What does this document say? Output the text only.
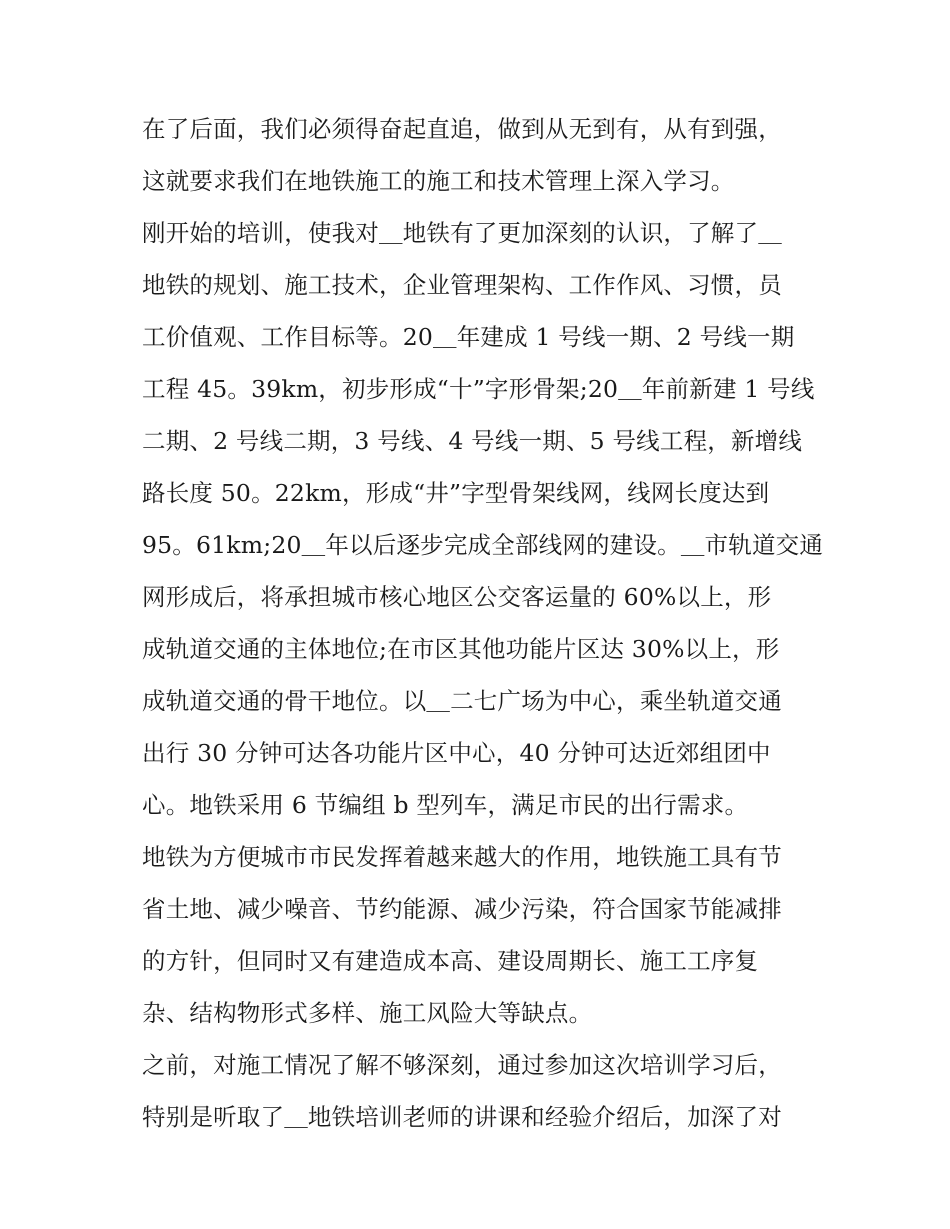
在了后面，我们必须得奋起直追，做到从无到有，从有到强，
这就要求我们在地铁施工的施工和技术管理上深入学习。
刚开始的培训，使我对＿地铁有了更加深刻的认识，了解了＿
地铁的规划、施工技术，企业管理架构、工作作风、习惯，员
工价值观、工作目标等。20＿年建成 1 号线一期、2 号线一期
工程 45。39km，初步形成“十”字形骨架;20＿年前新建 1 号线
二期、2 号线二期，3 号线、4 号线一期、5 号线工程，新增线
路长度 50。22km，形成“井”字型骨架线网，线网长度达到
95。61km;20＿年以后逐步完成全部线网的建设。＿市轨道交通
网形成后，将承担城市核心地区公交客运量的 60%以上，形
成轨道交通的主体地位;在市区其他功能片区达 30%以上，形
成轨道交通的骨干地位。以＿二七广场为中心，乘坐轨道交通
出行 30 分钟可达各功能片区中心，40 分钟可达近郊组团中
心。地铁采用 6 节编组 b 型列车，满足市民的出行需求。
地铁为方便城市市民发挥着越来越大的作用，地铁施工具有节
省土地、减少噪音、节约能源、减少污染，符合国家节能减排
的方针，但同时又有建造成本高、建设周期长、施工工序复
杂、结构物形式多样、施工风险大等缺点。
之前，对施工情况了解不够深刻，通过参加这次培训学习后，
特别是听取了＿地铁培训老师的讲课和经验介绍后，加深了对
